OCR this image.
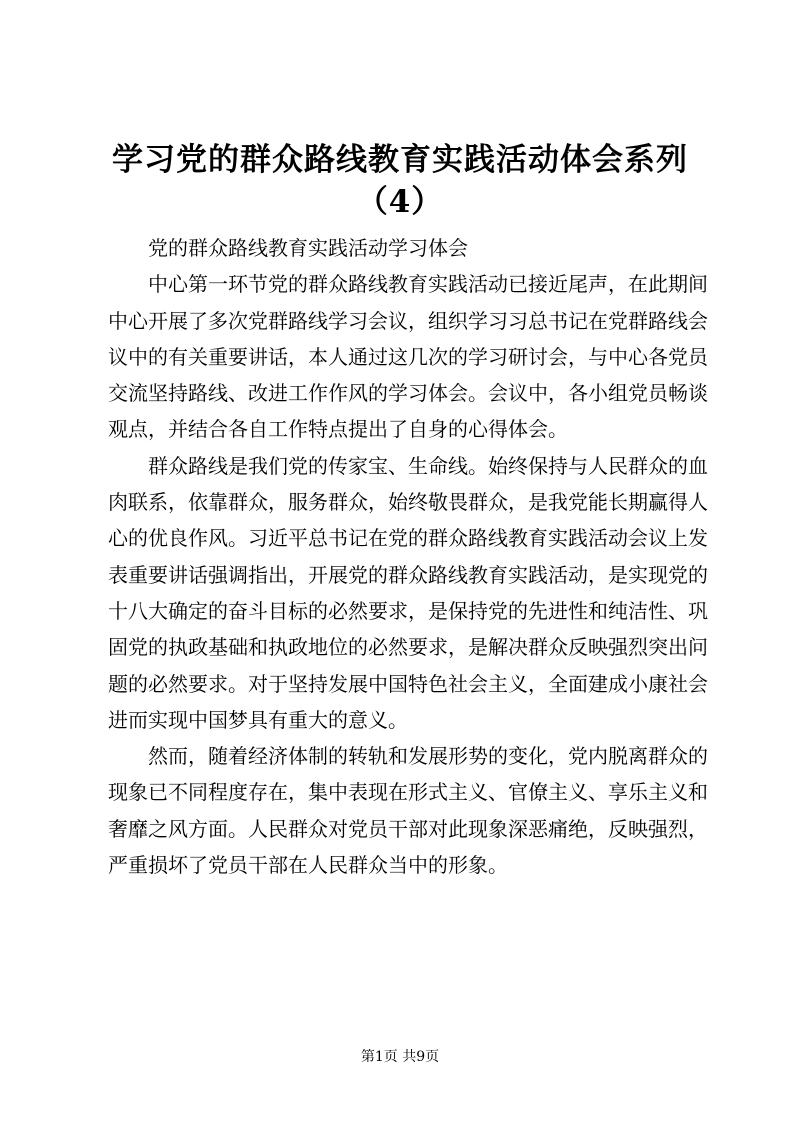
学习党的群众路线教育实践活动体会系列
（4）

党的群众路线教育实践活动学习体会

中心第一环节党的群众路线教育实践活动已接近尾声，在此期间中心开展了多次党群路线学习会议，组织学习习总书记在党群路线会议中的有关重要讲话，本人通过这几次的学习研讨会，与中心各党员交流坚持路线、改进工作作风的学习体会。会议中，各小组党员畅谈观点，并结合各自工作特点提出了自身的心得体会。

群众路线是我们党的传家宝、生命线。始终保持与人民群众的血肉联系，依靠群众，服务群众，始终敬畏群众，是我党能长期赢得人心的优良作风。习近平总书记在党的群众路线教育实践活动会议上发表重要讲话强调指出，开展党的群众路线教育实践活动，是实现党的十八大确定的奋斗目标的必然要求，是保持党的先进性和纯洁性、巩固党的执政基础和执政地位的必然要求，是解决群众反映强烈突出问题的必然要求。对于坚持发展中国特色社会主义，全面建成小康社会进而实现中国梦具有重大的意义。

然而，随着经济体制的转轨和发展形势的变化，党内脱离群众的现象已不同程度存在，集中表现在形式主义、官僚主义、享乐主义和奢靡之风方面。人民群众对党员干部对此现象深恶痛绝，反映强烈，严重损坏了党员干部在人民群众当中的形象。

第1页 共9页
